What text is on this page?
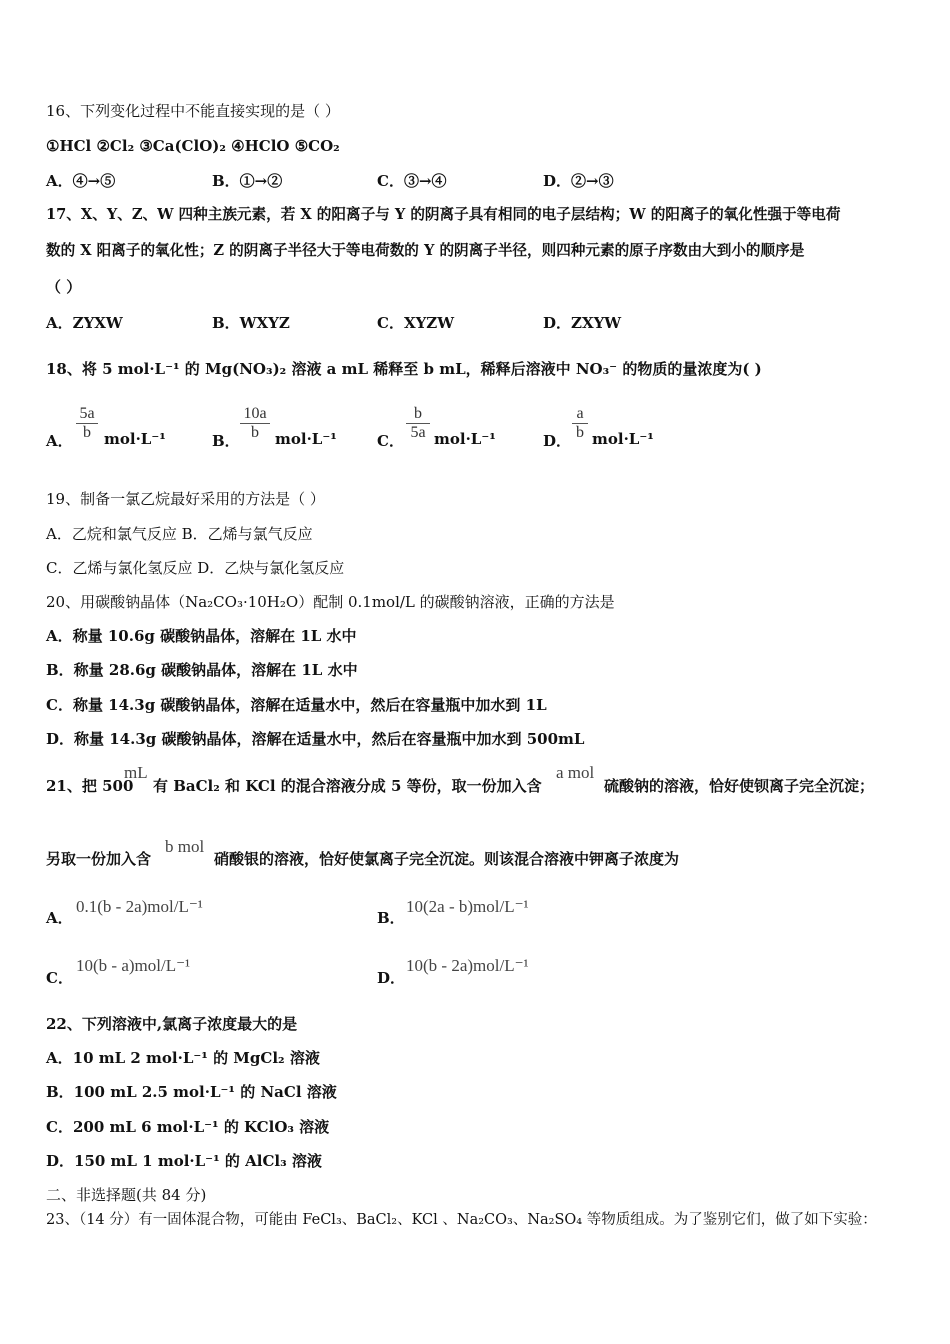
16、下列变化过程中不能直接实现的是（ ）
①HCl ②Cl₂ ③Ca(ClO)₂ ④HClO ⑤CO₂
A．④→⑤	B．①→②	C．③→④	D．②→③
17、X、Y、Z、W 四种主族元素，若 X 的阳离子与 Y 的阴离子具有相同的电子层结构；W 的阳离子的氧化性强于等电荷
数的 X 阳离子的氧化性；Z 的阴离子半径大于等电荷数的 Y 的阴离子半径，则四种元素的原子序数由大到小的顺序是
（ ）
A．ZYXW	B．WXYZ	C．XYZW	D．ZXYW
18、将 5 mol·L⁻¹ 的 Mg(NO₃)₂ 溶液 a mL 稀释至 b mL，稀释后溶液中 NO₃⁻ 的物质的量浓度为( )
A． $\frac{5a}{b} mol\cdot L^{-1}$	B． $\frac{10a}{b} mol\cdot L^{-1}$	C． $\frac{b}{5a} mol\cdot L^{-1}$	D． $\frac{a}{b} mol\cdot L^{-1}$
19、制备一氯乙烷最好采用的方法是（ ）
A．乙烷和氯气反应 B．乙烯与氯气反应
C．乙烯与氯化氢反应 D．乙炔与氯化氢反应
20、用碳酸钠晶体（Na₂CO₃·10H₂O）配制 0.1mol/L 的碳酸钠溶液，正确的方法是
A．称量 10.6g 碳酸钠晶体，溶解在 1L 水中
B．称量 28.6g 碳酸钠晶体，溶解在 1L 水中
C．称量 14.3g 碳酸钠晶体，溶解在适量水中，然后在容量瓶中加水到 1L
D．称量 14.3g 碳酸钠晶体，溶解在适量水中，然后在容量瓶中加水到 500mL
21、把 500
mL
有 BaCl₂ 和 KCl 的混合溶液分成 5 等份，取一份加入含
a mol
硫酸钠的溶液，恰好使钡离子完全沉淀；
另取一份加入含
b mol
硝酸银的溶液，恰好使氯离子完全沉淀。则该混合溶液中钾离子浓度为
A．
0.1(b - 2a)mol/L⁻¹
B．
10(2a - b)mol/L⁻¹
C．
10(b - a)mol/L⁻¹
D．
10(b - 2a)mol/L⁻¹
22、下列溶液中,氯离子浓度最大的是
A．10 mL 2 mol·L⁻¹ 的 MgCl₂ 溶液
B．100 mL 2.5 mol·L⁻¹ 的 NaCl 溶液
C．200 mL 6 mol·L⁻¹ 的 KClO₃ 溶液
D．150 mL 1 mol·L⁻¹ 的 AlCl₃ 溶液
二、非选择题(共 84 分)
23、（14 分）有一固体混合物，可能由 FeCl₃、BaCl₂、KCl 、Na₂CO₃、Na₂SO₄ 等物质组成。为了鉴别它们，做了如下实验：
